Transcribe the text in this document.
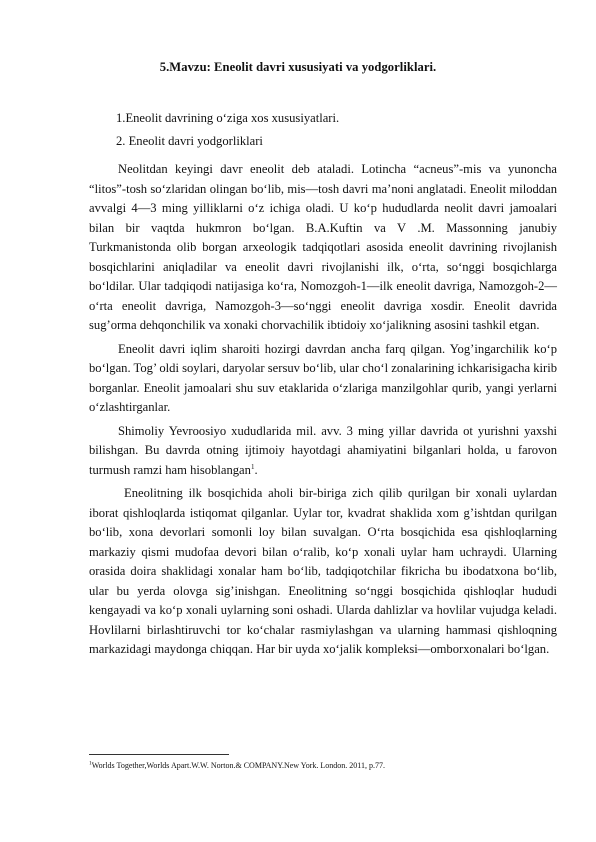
5.Mavzu: Eneolit davri xususiyati va yodgorliklari.
1.Eneolit davrining o‘ziga xos xususiyatlari.
2. Eneolit davri yodgorliklari

Neolitdan keyingi davr eneolit deb ataladi. Lotincha “acneus”-mis va yunoncha “litos”-tosh so‘zlaridan olingan bo‘lib, mis—tosh davri ma’noni anglatadi. Eneolit miloddan avvalgi 4—3 ming yilliklarni o‘z ichiga oladi. U ko‘p hududlarda neolit davri jamoalari bilan bir vaqtda hukmron bo‘lgan. B.A.Kuftin va V .M. Massonning janubiy Turkmanistonda olib borgan arxeologik tadqiqotlari asosida eneolit davrining rivojlanish bosqichlarini aniqladilar va eneolit davri rivojlanishi ilk, o‘rta, so‘nggi bosqichlarga bo‘ldilar. Ular tadqiqodi natijasiga ko‘ra, Nomozgoh-1—ilk eneolit davriga, Namozgoh-2— o‘rta eneolit davriga, Namozgoh-3—so‘nggi eneolit davriga xosdir. Eneolit davrida sug’orma dehqonchilik va xonaki chorvachilik ibtidoiy xo‘jalikning asosini tashkil etgan.

Eneolit davri iqlim sharoiti hozirgi davrdan ancha farq qilgan. Yog’ingarchilik ko‘p bo‘lgan. Tog’ oldi soylari, daryolar sersuv bo‘lib, ular cho‘l zonalarining ichkarisigacha kirib borganlar. Eneolit jamoalari shu suv etaklarida o‘zlariga manzilgohlar qurib, yangi yerlarni o‘zlashtirganlar.

Shimoliy Yevroosiyo xududlarida mil. avv. 3 ming yillar davrida ot yurishni yaxshi bilishgan. Bu davrda otning ijtimoiy hayotdagi ahamiyatini bilganlari holda, u farovon turmush ramzi ham hisoblangan$^1$.

Eneolitning ilk bosqichida aholi bir-biriga zich qilib qurilgan bir xonali uylardan iborat qishloqlarda istiqomat qilganlar. Uylar tor, kvadrat shaklida xom g’ishtdan qurilgan bo‘lib, xona devorlari somonli loy bilan suvalgan. O‘rta bosqichida esa qishloqlarning markaziy qismi mudofaa devori bilan o‘ralib, ko‘p xonali uylar ham uchraydi. Ularning orasida doira shaklidagi xonalar ham bo‘lib, tadqiqotchilar fikricha bu ibodatxona bo‘lib, ular bu yerda olovga sig’inishgan. Eneolitning so‘nggi bosqichida qishloqlar hududi kengayadi va ko‘p xonali uylarning soni oshadi. Ularda dahlizlar va hovlilar vujudga keladi. Hovlilarni birlashtiruvchi tor ko‘chalar rasmiylashgan va ularning hammasi qishloqning markazidagi maydonga chiqqan. Har bir uyda xo‘jalik kompleksi—omborxonalari bo‘lgan.

$^1$Worlds Together,Worlds Apart.W.W. Norton.& COMPANY.New York. London. 2011, p.77.
